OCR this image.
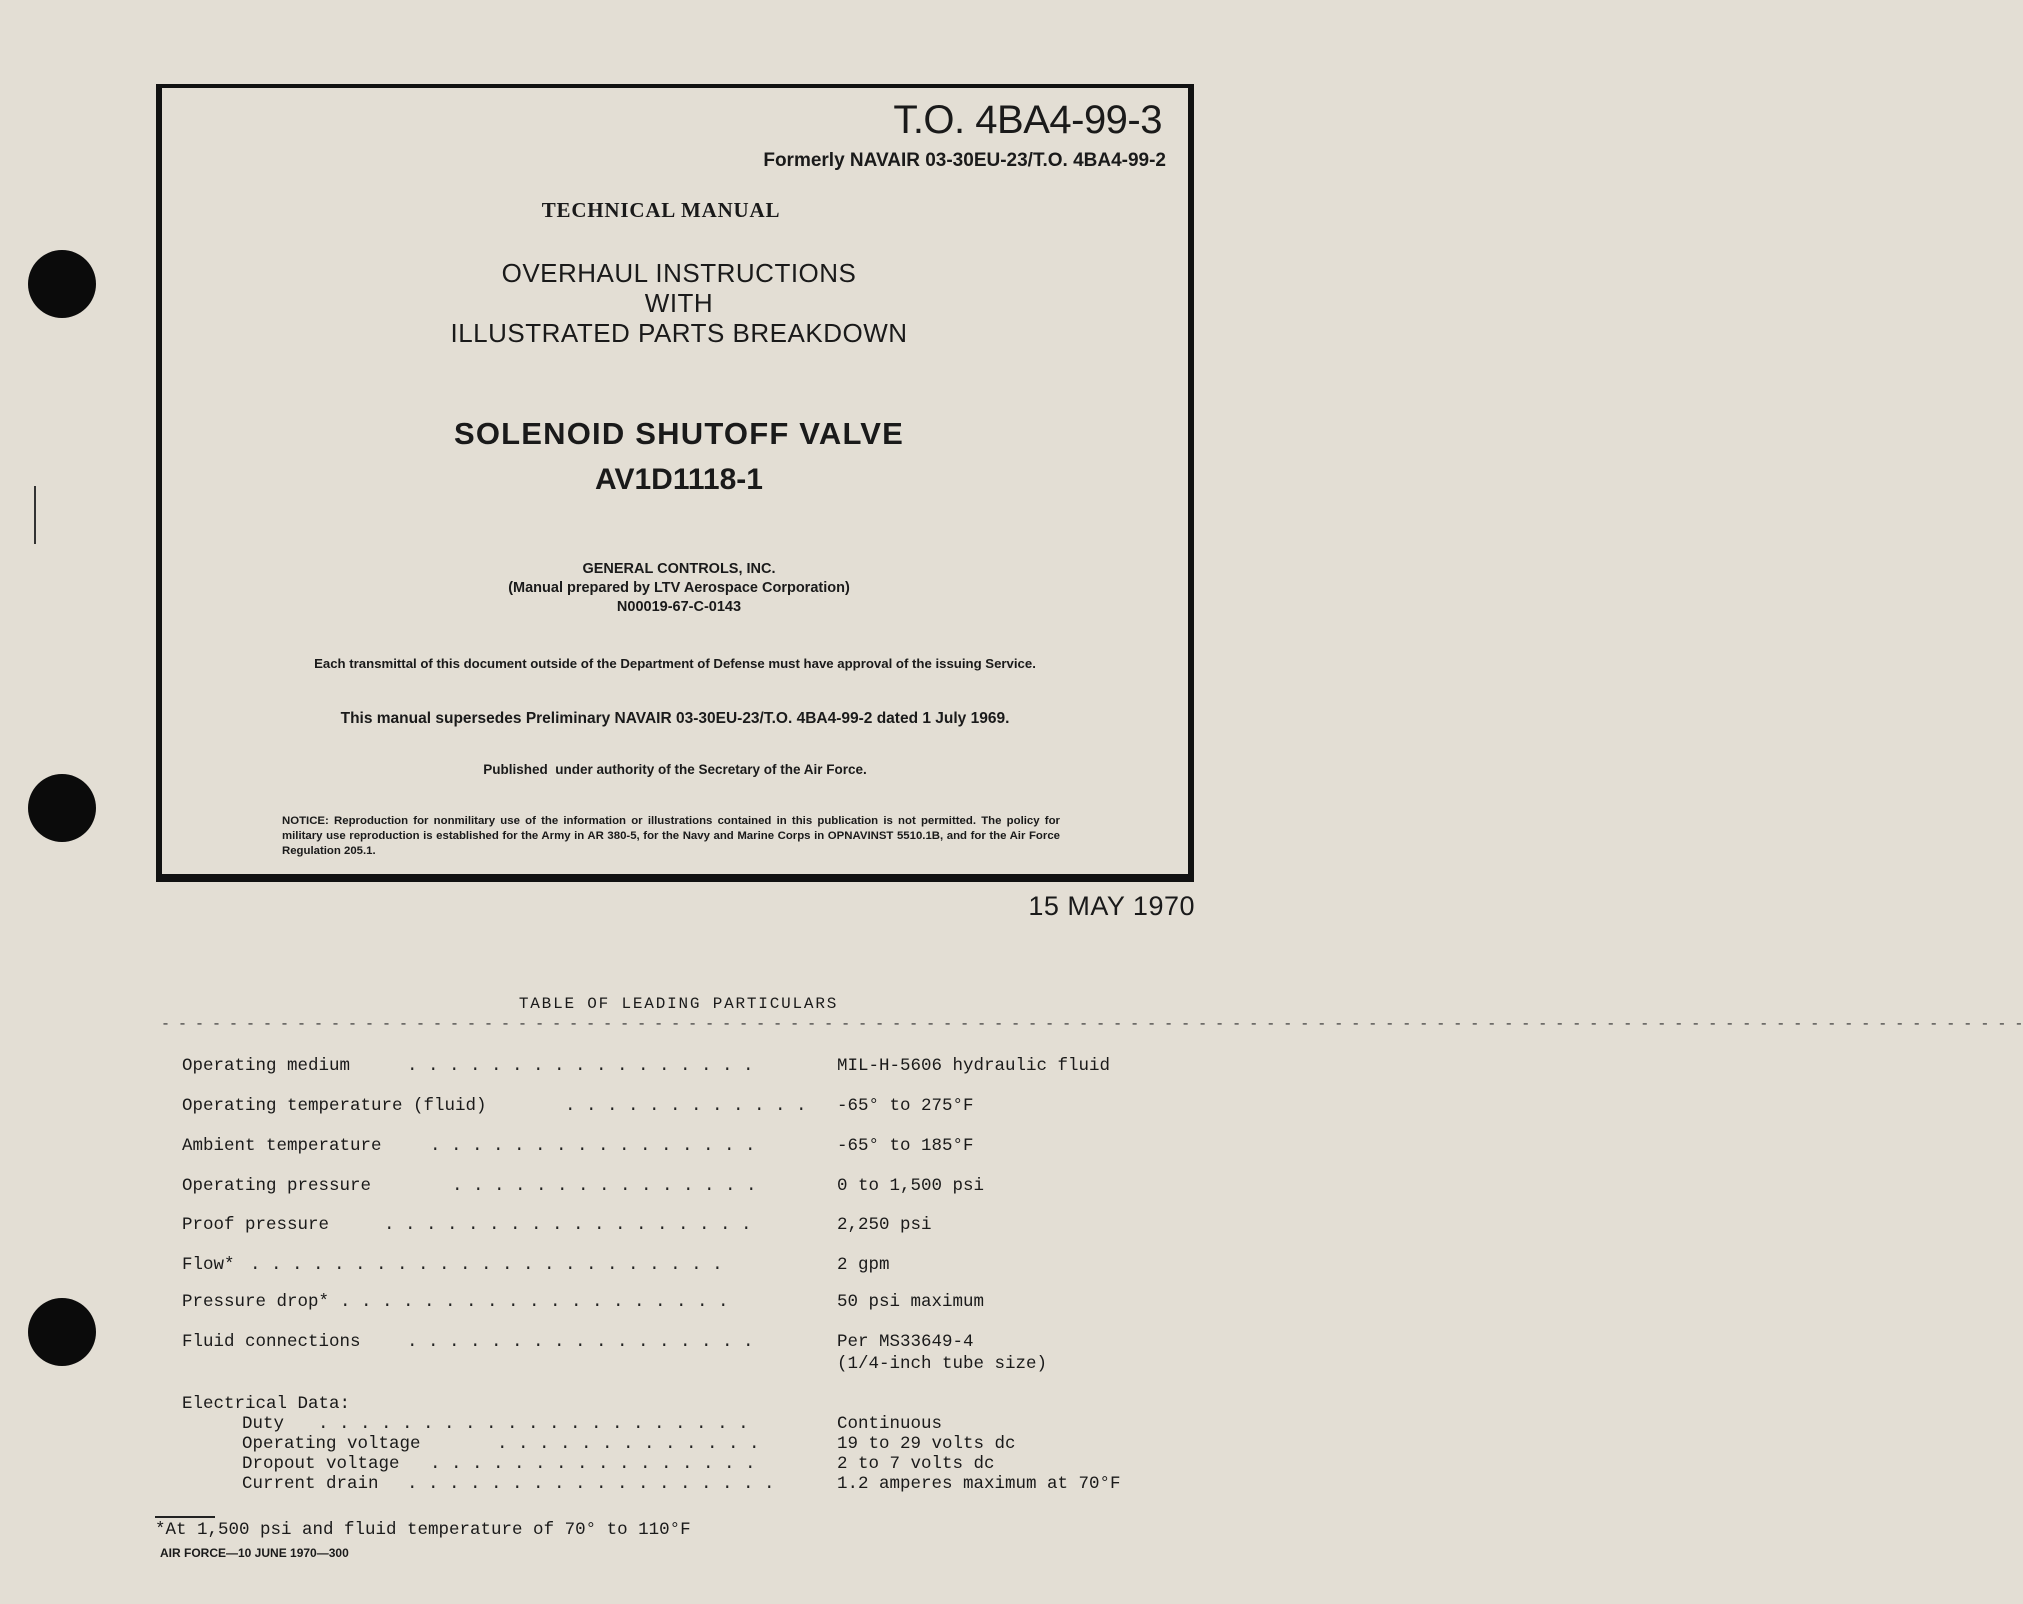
T.O. 4BA4-99-3

Formerly NAVAIR 03-30EU-23/T.O. 4BA4-99-2

TECHNICAL MANUAL

OVERHAUL INSTRUCTIONS
WITH
ILLUSTRATED PARTS BREAKDOWN

SOLENOID SHUTOFF VALVE

AV1D1118-1

GENERAL CONTROLS, INC.
(Manual prepared by LTV Aerospace Corporation)
N00019-67-C-0143

Each transmittal of this document outside of the Department of Defense must have approval of the issuing Service.

This manual supersedes Preliminary NAVAIR 03-30EU-23/T.O. 4BA4-99-2 dated 1 July 1969.

Published  under authority of the Secretary of the Air Force.

NOTICE: Reproduction for nonmilitary use of the information or illustrations contained in this publication is not permitted. The policy for military use reproduction is established for the Army in AR 380-5, for the Navy and Marine Corps in OPNAVINST 5510.1B, and for the Air Force Regulation 205.1.

15 MAY 1970

TABLE OF LEADING PARTICULARS

- - - - - - - - - - - - - - - - - - - - - - - - - - - - - - - - - - - - - - - - - - - - - - - - - - - - - - - - - - - - - - - - - - - - - - - - - - - - - - - - - - - - - - - - - - - - - - - - - - - - - - - - - - - - - -
Operating medium	. . . . . . . . . . . . . . . . .	MIL-H-5606 hydraulic fluid
Operating temperature (fluid)	. . . . . . . . . . . . -65° to 275°F
Ambient temperature	. . . . . . . . . . . . . . . .	-65° to 185°F
Operating pressure	. . . . . . . . . . . . . . .	0 to 1,500 psi
Proof pressure	. . . . . . . . . . . . . . . . . .	2,250 psi
Flow* . . . . . . . . . . . . . . . . . . . . . . .	2 gpm
Pressure drop* . . . . . . . . . . . . . . . . . . .	50 psi maximum
Fluid connections	. . . . . . . . . . . . . . . . .	Per MS33649-4
(1/4-inch tube size)
Electrical Data:
Duty . . . . . . . . . . . . . . . . . . . . .	Continuous
Operating voltage	. . . . . . . . . . . . .	19 to 29 volts dc
Dropout voltage . . . . . . . . . . . . . . . .	2 to 7 volts dc
Current drain . . . . . . . . . . . . . . . . . .	1.2 amperes maximum at 70°F

*At 1,500 psi and fluid temperature of 70° to 110°F

AIR FORCE—10 JUNE 1970—300
